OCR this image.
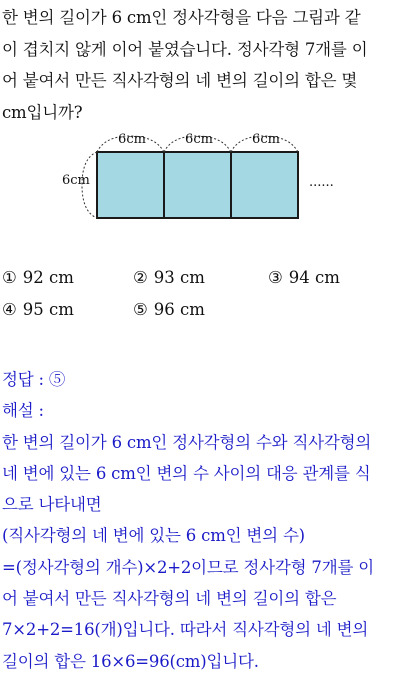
한 변의 길이가 6 cm인 정사각형을 다음 그림과 같
이 겹치지 않게 이어 붙였습니다. 정사각형 7개를 이
어 붙여서 만든 직사각형의 네 변의 길이의 합은 몇
cm입니까?
6cm	6cm	6cm
6cm	......
① 92 cm	② 93 cm	③ 94 cm
④ 95 cm	⑤ 96 cm
정답 : ⑤
해설 :
한 변의 길이가 6 cm인 정사각형의 수와 직사각형의
네 변에 있는 6 cm인 변의 수 사이의 대응 관계를 식
으로 나타내면
(직사각형의 네 변에 있는 6 cm인 변의 수)
=(정사각형의 개수)×2+2이므로 정사각형 7개를 이
어 붙여서 만든 직사각형의 네 변의 길이의 합은
7×2+2=16(개)입니다. 따라서 직사각형의 네 변의
길이의 합은 16×6=96(cm)입니다.
